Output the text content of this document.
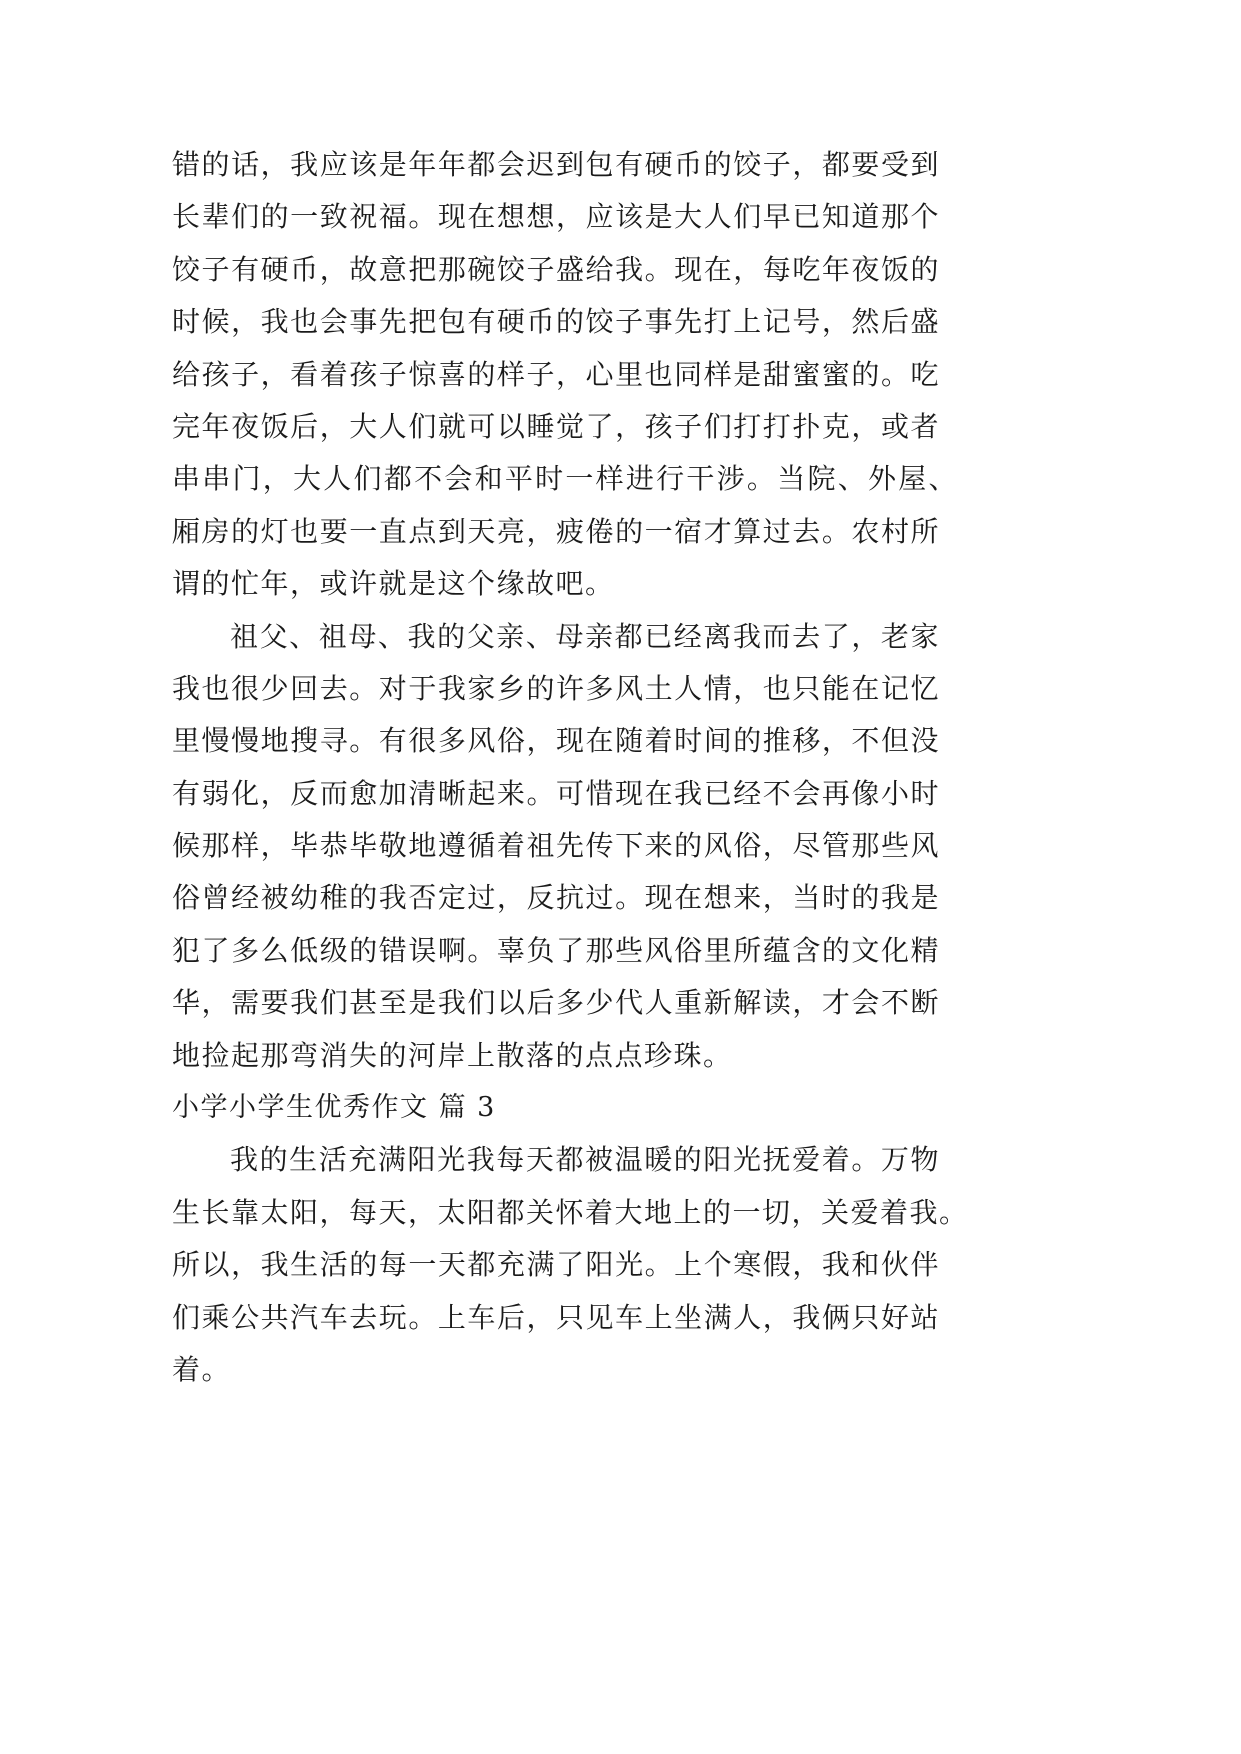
错的话，我应该是年年都会迟到包有硬币的饺子，都要受到
长辈们的一致祝福。现在想想，应该是大人们早已知道那个
饺子有硬币，故意把那碗饺子盛给我。现在，每吃年夜饭的
时候，我也会事先把包有硬币的饺子事先打上记号，然后盛
给孩子，看着孩子惊喜的样子，心里也同样是甜蜜蜜的。吃
完年夜饭后，大人们就可以睡觉了，孩子们打打扑克，或者
串串门，大人们都不会和平时一样进行干涉。当院、外屋、
厢房的灯也要一直点到天亮，疲倦的一宿才算过去。农村所
谓的忙年，或许就是这个缘故吧。
祖父、祖母、我的父亲、母亲都已经离我而去了，老家
我也很少回去。对于我家乡的许多风土人情，也只能在记忆
里慢慢地搜寻。有很多风俗，现在随着时间的推移，不但没
有弱化，反而愈加清晰起来。可惜现在我已经不会再像小时
候那样，毕恭毕敬地遵循着祖先传下来的风俗，尽管那些风
俗曾经被幼稚的我否定过，反抗过。现在想来，当时的我是
犯了多么低级的错误啊。辜负了那些风俗里所蕴含的文化精
华，需要我们甚至是我们以后多少代人重新解读，才会不断
地捡起那弯消失的河岸上散落的点点珍珠。
小学小学生优秀作文 篇 3
我的生活充满阳光我每天都被温暖的阳光抚爱着。万物
生长靠太阳，每天，太阳都关怀着大地上的一切，关爱着我。
所以，我生活的每一天都充满了阳光。上个寒假，我和伙伴
们乘公共汽车去玩。上车后，只见车上坐满人，我俩只好站
着。
